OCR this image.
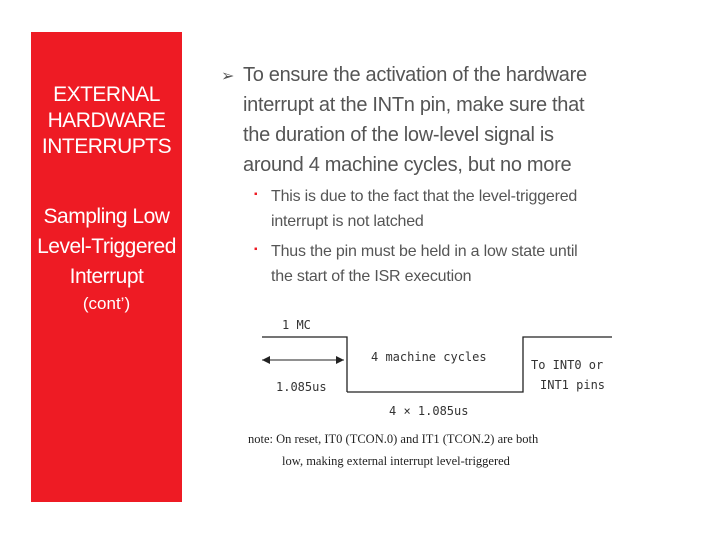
EXTERNAL
HARDWARE
INTERRUPTS
Sampling Low
Level-Triggered
Interrupt
(cont’)
➢ To ensure the activation of the hardware
interrupt at the INTn pin, make sure that
the duration of the low-level signal is
around 4 machine cycles, but no more
▪ This is due to the fact that the level-triggered
interrupt is not latched
▪ Thus the pin must be held in a low state until
the start of the ISR execution
1 MC
4 machine cycles
1.085us
4 × 1.085us
To INT0 or
INT1 pins
note: On reset, IT0 (TCON.0) and IT1 (TCON.2) are both
low, making external interrupt level-triggered
